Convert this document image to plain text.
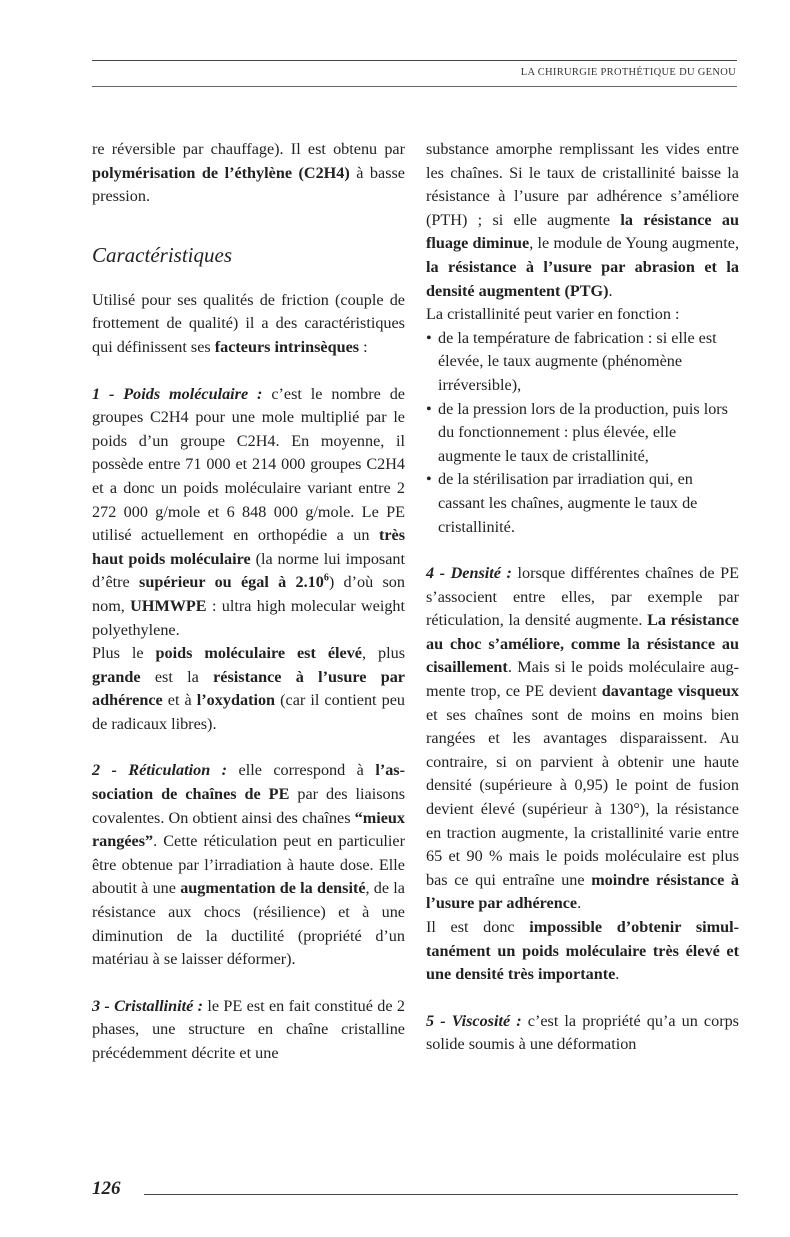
LA CHIRURGIE PROTHÉTIQUE DU GENOU

re réversible par chauffage). Il est obtenu par polymérisation de l’éthylène (C2H4) à basse pression.

Caractéristiques

Utilisé pour ses qualités de friction (couple de frottement de qualité) il a des caractéristiques qui définissent ses facteurs intrinsèques :

1 - Poids moléculaire : c’est le nombre de groupes C2H4 pour une mole multiplié par le poids d’un groupe C2H4. En moyenne, il possède entre 71 000 et 214 000 groupes C2H4 et a donc un poids moléculaire variant entre 2 272 000 g/mole et 6 848 000 g/mole. Le PE utilisé actuellement en orthopédie a un très haut poids moléculaire (la norme lui imposant d’être supérieur ou égal à 2.10$^6$) d’où son nom, UHMWPE : ultra high molecular weight polyethylene.

Plus le poids moléculaire est élevé, plus grande est la résistance à l’usure par adhérence et à l’oxydation (car il contient peu de radicaux libres).

2 - Réticulation : elle correspond à l’association de chaînes de PE par des liaisons covalentes. On obtient ainsi des chaînes “mieux rangées”. Cette réticulation peut en particulier être obtenue par l’irradiation à haute dose. Elle aboutit à une augmentation de la densité, de la résistance aux chocs (résilience) et à une diminution de la ductilité (propriété d’un matériau à se laisser déformer).

3 - Cristallinité : le PE est en fait constitué de 2 phases, une structure en chaîne cristalline précédemment décrite et une

substance amorphe remplissant les vides entre les chaînes. Si le taux de cristallinité baisse la résistance à l’usure par adhérence s’améliore (PTH) ; si elle augmente la résistance au fluage diminue, le module de Young augmente, la résistance à l’usure par abrasion et la densité augmentent (PTG).

La cristallinité peut varier en fonction :

• de la température de fabrication : si elle est élevée, le taux augmente (phénomène irréversible),
• de la pression lors de la production, puis lors du fonctionnement : plus élevée, elle augmente le taux de cristallinité,
• de la stérilisation par irradiation qui, en cassant les chaînes, augmente le taux de cristallinité.

4 - Densité : lorsque différentes chaînes de PE s’associent entre elles, par exemple par réticulation, la densité augmente. La résistance au choc s’améliore, comme la résistance au cisaillement. Mais si le poids moléculaire augmente trop, ce PE devient davantage visqueux et ses chaînes sont de moins en moins bien rangées et les avantages disparaissent. Au contraire, si on parvient à obtenir une haute densité (supérieure à 0,95) le point de fusion devient élevé (supérieur à 130°), la résistance en traction augmente, la cristallinité varie entre 65 et 90 % mais le poids moléculaire est plus bas ce qui entraîne une moindre résistance à l’usure par adhérence.

Il est donc impossible d’obtenir simultanément un poids moléculaire très élevé et une densité très importante.

5 - Viscosité : c’est la propriété qu’a un corps solide soumis à une déformation

126
